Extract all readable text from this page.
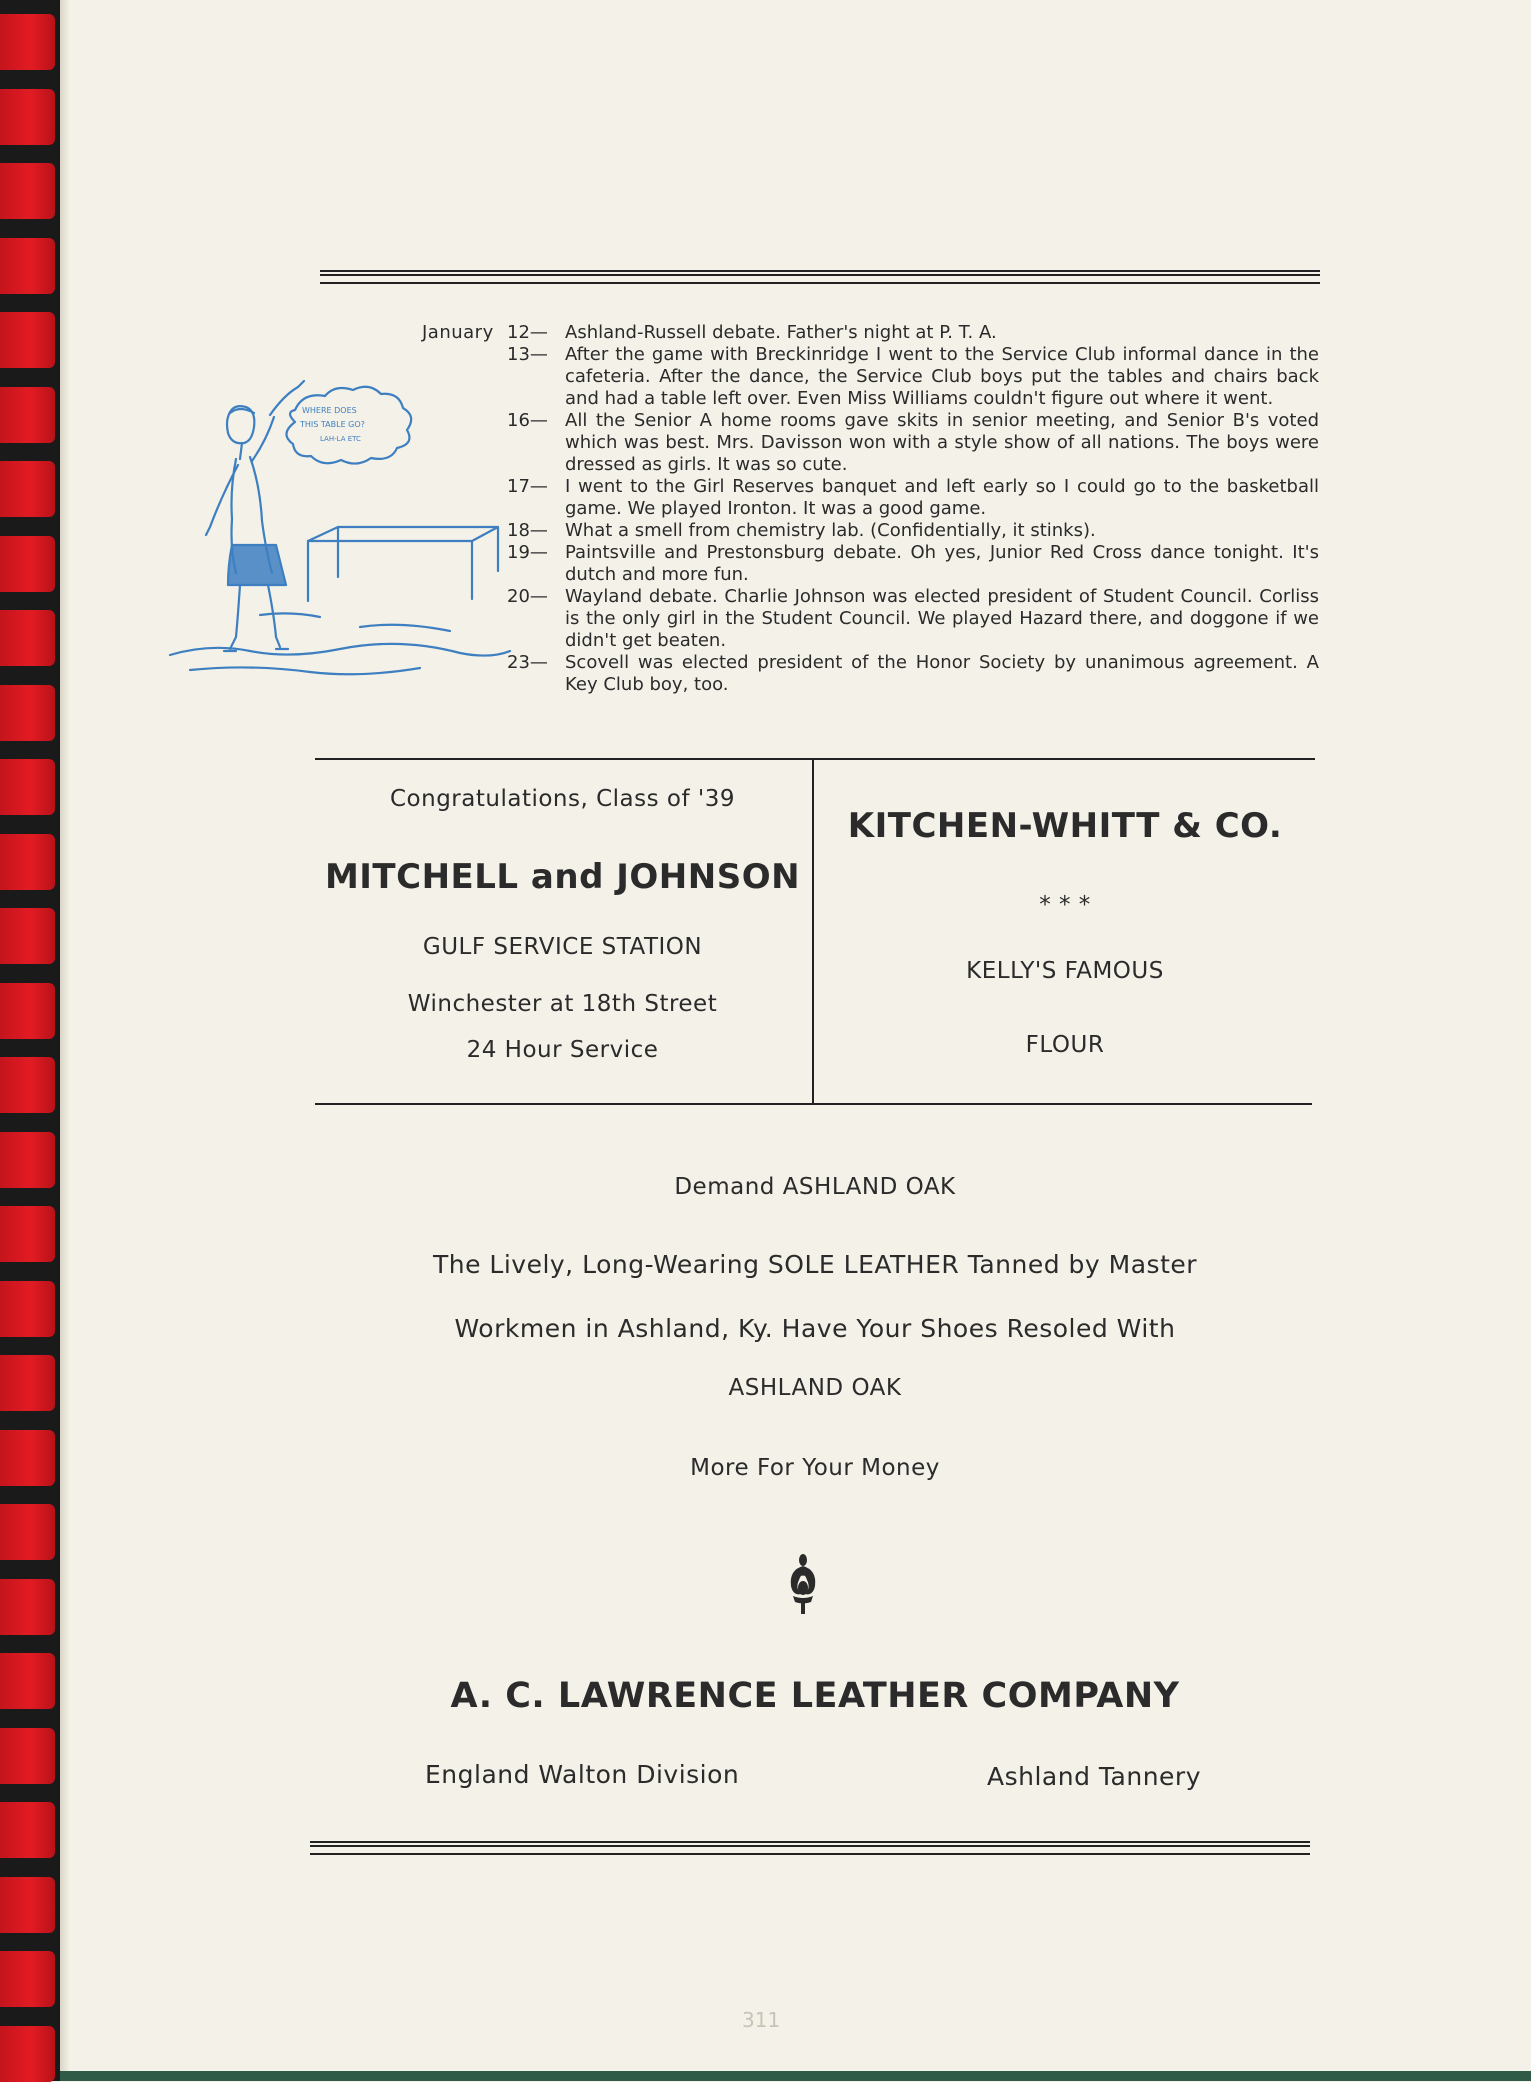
January 12— Ashland-Russell debate. Father's night at P. T. A.
13— After the game with Breckinridge I went to the Service Club informal dance in the cafeteria. After the dance, the Service Club boys put the tables and chairs back and had a table left over. Even Miss Williams couldn't figure out where it went.
16— All the Senior A home rooms gave skits in senior meeting, and Senior B's voted which was best. Mrs. Davisson won with a style show of all nations. The boys were dressed as girls. It was so cute.
17— I went to the Girl Reserves banquet and left early so I could go to the basketball game. We played Ironton. It was a good game.
18— What a smell from chemistry lab. (Confidentially, it stinks).
19— Paintsville and Prestonsburg debate. Oh yes, Junior Red Cross dance tonight. It's dutch and more fun.
20— Wayland debate. Charlie Johnson was elected president of Student Council. Corliss is the only girl in the Student Council. We played Hazard there, and doggone if we didn't get beaten.
23— Scovell was elected president of the Honor Society by unanimous agreement. A Key Club boy, too.
WHERE DOES
THIS TABLE GO?
LAH-LA ETC
Congratulations, Class of '39
MITCHELL and JOHNSON
GULF SERVICE STATION
Winchester at 18th Street
24 Hour Service
KITCHEN-WHITT & CO.
* * *
KELLY'S FAMOUS
FLOUR
Demand ASHLAND OAK
The Lively, Long-Wearing SOLE LEATHER Tanned by Master
Workmen in Ashland, Ky. Have Your Shoes Resoled With
ASHLAND OAK
More For Your Money
A. C. LAWRENCE LEATHER COMPANY
England Walton Division	Ashland Tannery
311
